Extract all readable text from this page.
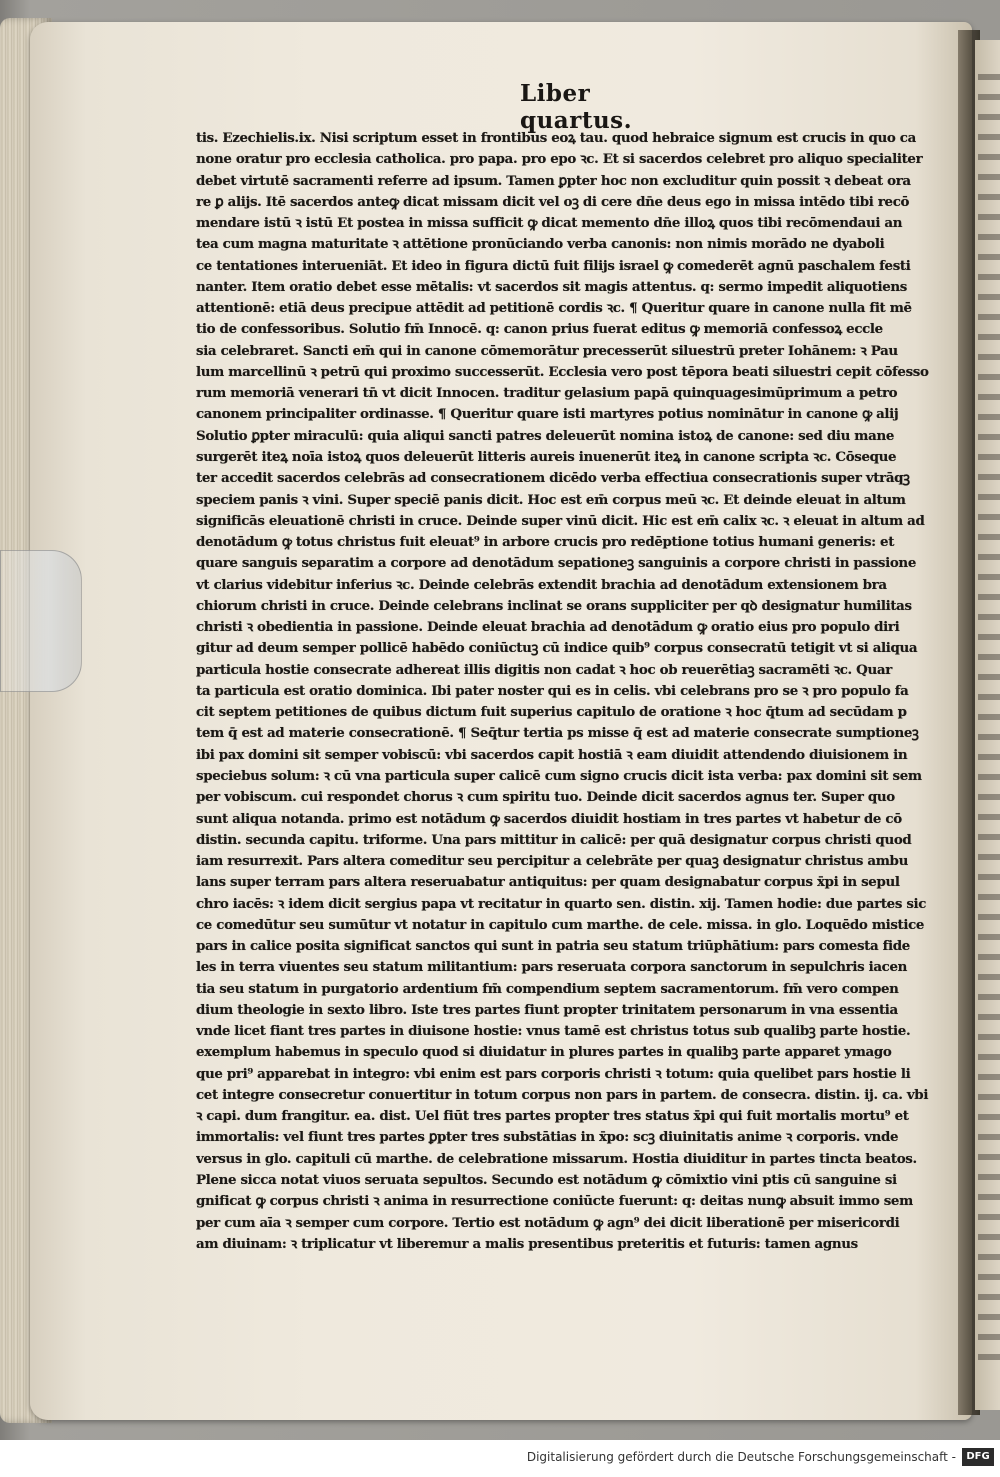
Liber quartus.
tis. Ezechielis.ix. Nisi scriptum esset in frontibus eoꝝ tau. quod hebraice signum est crucis in quo ca
none oratur pro ecclesia catholica. pro papa. pro epo ꝛc. Et si sacerdos celebret pro aliquo specialiter
debet virtutē sacramenti referre ad ipsum. Tamen ꝑpter hoc non excluditur quin possit ꝛ debeat ora
re ꝑ alijs. Itē sacerdos anteꝙ dicat missam dicit vel oꝫ di cere dn̄e deus ego in missa intēdo tibi recō
mendare istū ꝛ istū Et postea in missa sufficit ꝙ dicat memento dn̄e illoꝝ quos tibi recōmendaui an
tea cum magna maturitate ꝛ attētione pronūciando verba canonis: non nimis morādo ne dyaboli
ce tentationes interueniāt. Et ideo in figura dictū fuit filijs israel ꝙ comederēt agnū paschalem festi
nanter. Item oratio debet esse mētalis: vt sacerdos sit magis attentus. q: sermo impedit aliquotiens
attentionē: etiā deus precipue attēdit ad petitionē cordis ꝛc. ¶ Queritur quare in canone nulla fit mē
tio de confessoribus. Solutio fm̄ Innocē. q: canon prius fuerat editus ꝙ memoriā confessoꝝ eccle
sia celebraret. Sancti em̄ qui in canone cōmemorātur precesserūt siluestrū preter Iohānem: ꝛ Pau
lum marcellinū ꝛ petrū qui proximo successerūt. Ecclesia vero post tēpora beati siluestri cepit cōfesso
rum memoriā venerari tn̄ vt dicit Innocen. traditur gelasium papā quinquagesimūprimum a petro
canonem principaliter ordinasse. ¶ Queritur quare isti martyres potius nominātur in canone ꝙ alij
Solutio ꝑpter miraculū: quia aliqui sancti patres deleuerūt nomina istoꝝ de canone: sed diu mane
surgerēt iteꝝ noīa istoꝝ quos deleuerūt litteris aureis inuenerūt iteꝝ in canone scripta ꝛc. Cōseque
ter accedit sacerdos celebrās ad consecrationem dicēdo verba effectiua consecrationis super vtrāqꝫ
speciem panis ꝛ vini. Super speciē panis dicit. Hoc est em̄ corpus meū ꝛc. Et deinde eleuat in altum
significās eleuationē christi in cruce. Deinde super vinū dicit. Hic est em̄ calix ꝛc. ꝛ eleuat in altum ad
denotādum ꝙ totus christus fuit eleuat⁹ in arbore crucis pro redēptione totius humani generis: et
quare sanguis separatim a corpore ad denotādum sepationeꝫ sanguinis a corpore christi in passione
vt clarius videbitur inferius ꝛc. Deinde celebrās extendit brachia ad denotādum extensionem bra
chiorum christi in cruce. Deinde celebrans inclinat se orans suppliciter per qꝺ designatur humilitas
christi ꝛ obedientia in passione. Deinde eleuat brachia ad denotādum ꝙ oratio eius pro populo diri
gitur ad deum semper pollicē habēdo coniūctuꝫ cū indice quib⁹ corpus consecratū tetigit vt si aliqua
particula hostie consecrate adhereat illis digitis non cadat ꝛ hoc ob reuerētiaꝫ sacramēti ꝛc. Quar
ta particula est oratio dominica. Ibi pater noster qui es in celis. vbi celebrans pro se ꝛ pro populo fa
cit septem petitiones de quibus dictum fuit superius capitulo de oratione ꝛ hoc q̄tum ad secūdam p
tem q̄ est ad materie consecrationē. ¶ Seq̄tur tertia ps misse q̄ est ad materie consecrate sumptioneꝫ
ibi pax domini sit semper vobiscū: vbi sacerdos capit hostiā ꝛ eam diuidit attendendo diuisionem in
speciebus solum: ꝛ cū vna particula super calicē cum signo crucis dicit ista verba: pax domini sit sem
per vobiscum. cui respondet chorus ꝛ cum spiritu tuo. Deinde dicit sacerdos agnus ter. Super quo
sunt aliqua notanda. primo est notādum ꝙ sacerdos diuidit hostiam in tres partes vt habetur de cō
distin. secunda capitu. triforme. Una pars mittitur in calicē: per quā designatur corpus christi quod
iam resurrexit. Pars altera comeditur seu percipitur a celebrāte per quaꝫ designatur christus ambu
lans super terram pars altera reseruabatur antiquitus: per quam designabatur corpus x̄pi in sepul
chro iacēs: ꝛ idem dicit sergius papa vt recitatur in quarto sen. distin. xij. Tamen hodie: due partes sic
ce comedūtur seu sumūtur vt notatur in capitulo cum marthe. de cele. missa. in glo. Loquēdo mistice
pars in calice posita significat sanctos qui sunt in patria seu statum triūphātium: pars comesta fide
les in terra viuentes seu statum militantium: pars reseruata corpora sanctorum in sepulchris iacen
tia seu statum in purgatorio ardentium fm̄ compendium septem sacramentorum. fm̄ vero compen
dium theologie in sexto libro. Iste tres partes fiunt propter trinitatem personarum in vna essentia
vnde licet fiant tres partes in diuisone hostie: vnus tamē est christus totus sub qualibꝫ parte hostie.
exemplum habemus in speculo quod si diuidatur in plures partes in qualibꝫ parte apparet ymago
que pri⁹ apparebat in integro: vbi enim est pars corporis christi ꝛ totum: quia quelibet pars hostie li
cet integre consecretur conuertitur in totum corpus non pars in partem. de consecra. distin. ij. ca. vbi
ꝛ capi. dum frangitur. ea. dist. Uel fiūt tres partes propter tres status x̄pi qui fuit mortalis mortu⁹ et
immortalis: vel fiunt tres partes ꝑpter tres substātias in x̄po: scꝫ diuinitatis anime ꝛ corporis. vnde
versus in glo. capituli cū marthe. de celebratione missarum. Hostia diuiditur in partes tincta beatos.
Plene sicca notat viuos seruata sepultos. Secundo est notādum ꝙ cōmixtio vini ptis cū sanguine si
gnificat ꝙ corpus christi ꝛ anima in resurrectione coniūcte fuerunt: q: deitas nunꝙ absuit immo sem
per cum aīa ꝛ semper cum corpore. Tertio est notādum ꝙ agn⁹ dei dicit liberationē per misericordi
am diuinam: ꝛ triplicatur vt liberemur a malis presentibus preteritis et futuris: tamen agnus
Digitalisierung gefördert durch die Deutsche Forschungsgemeinschaft -	DFG
